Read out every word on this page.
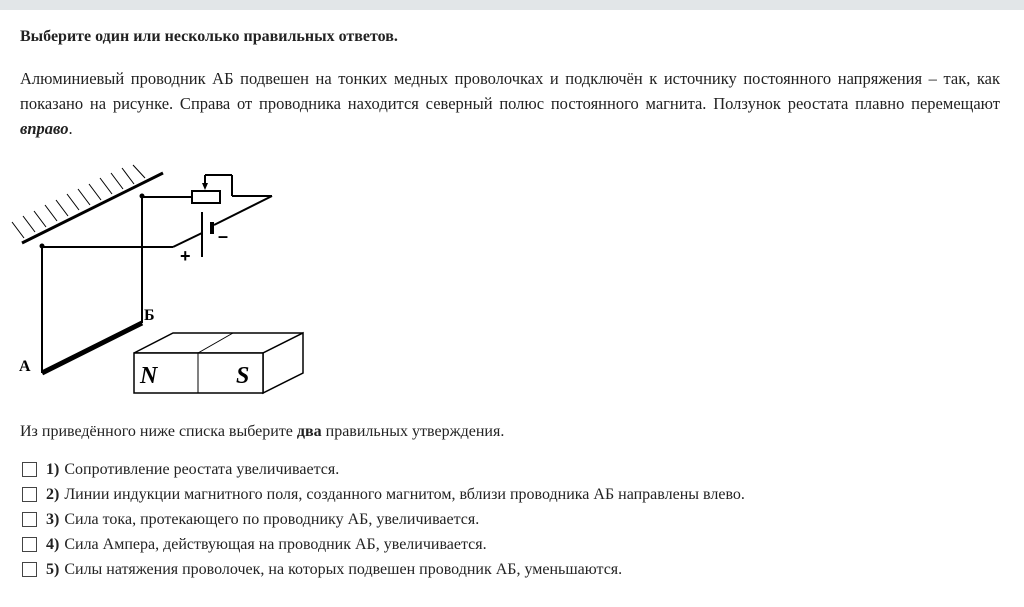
Выберите один или несколько правильных ответов.
Алюминиевый проводник АБ подвешен на тонких медных проволочках и подключён к источнику постоянного напряжения – так, как показано на рисунке. Справа от проводника находится северный полюс постоянного магнита. Ползунок реостата плавно перемещают вправо.
А
Б
+
–
N	S
Из приведённого ниже списка выберите два правильных утверждения.
1) Сопротивление реостата увеличивается.
2) Линии индукции магнитного поля, созданного магнитом, вблизи проводника АБ направлены влево.
3) Сила тока, протекающего по проводнику АБ, увеличивается.
4) Сила Ампера, действующая на проводник АБ, увеличивается.
5) Силы натяжения проволочек, на которых подвешен проводник АБ, уменьшаются.
